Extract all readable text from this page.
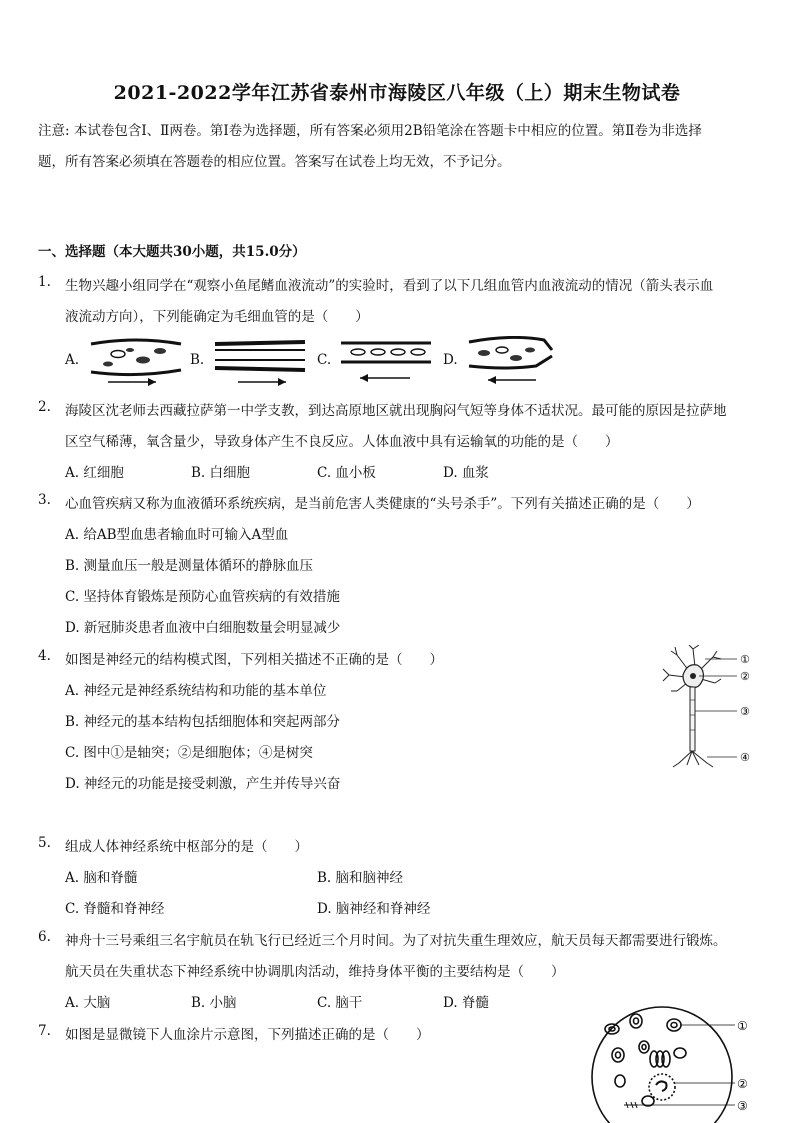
2021-2022学年江苏省泰州市海陵区八年级（上）期末生物试卷
注意: 本试卷包含Ⅰ、Ⅱ两卷。第Ⅰ卷为选择题，所有答案必须用2B铅笔涂在答题卡中相应的位置。第Ⅱ卷为非选择
题，所有答案必须填在答题卷的相应位置。答案写在试卷上均无效，不予记分。
一、选择题（本大题共30小题，共15.0分）
1. 生物兴趣小组同学在“观察小鱼尾鳍血液流动”的实验时，看到了以下几组血管内血液流动的情况（箭头表示血
液流动方向），下列能确定为毛细血管的是（　　）
A.	B.	C.	D.
2. 海陵区沈老师去西藏拉萨第一中学支教，到达高原地区就出现胸闷气短等身体不适状况。最可能的原因是拉萨地
区空气稀薄，氧含量少，导致身体产生不良反应。人体血液中具有运输氧的功能的是（　　）
A. 红细胞	B. 白细胞	C. 血小板	D. 血浆
3. 心血管疾病又称为血液循环系统疾病，是当前危害人类健康的“头号杀手”。下列有关描述正确的是（　　）
A. 给AB型血患者输血时可输入A型血
B. 测量血压一般是测量体循环的静脉血压
C. 坚持体育锻炼是预防心血管疾病的有效措施
D. 新冠肺炎患者血液中白细胞数量会明显减少
4. 如图是神经元的结构模式图，下列相关描述不正确的是（　　）
A. 神经元是神经系统结构和功能的基本单位
B. 神经元的基本结构包括细胞体和突起两部分
C. 图中①是轴突；②是细胞体；④是树突
D. 神经元的功能是接受刺激，产生并传导兴奋
①
②
③
④
5. 组成人体神经系统中枢部分的是（　　）
A. 脑和脊髓	B. 脑和脑神经
C. 脊髓和脊神经	D. 脑神经和脊神经
6. 神舟十三号乘组三名宇航员在轨飞行已经近三个月时间。为了对抗失重生理效应，航天员每天都需要进行锻炼。
航天员在失重状态下神经系统中协调肌肉活动，维持身体平衡的主要结构是（　　）
A. 大脑	B. 小脑	C. 脑干	D. 脊髓
7. 如图是显微镜下人血涂片示意图，下列描述正确的是（　　）
①
②
③
